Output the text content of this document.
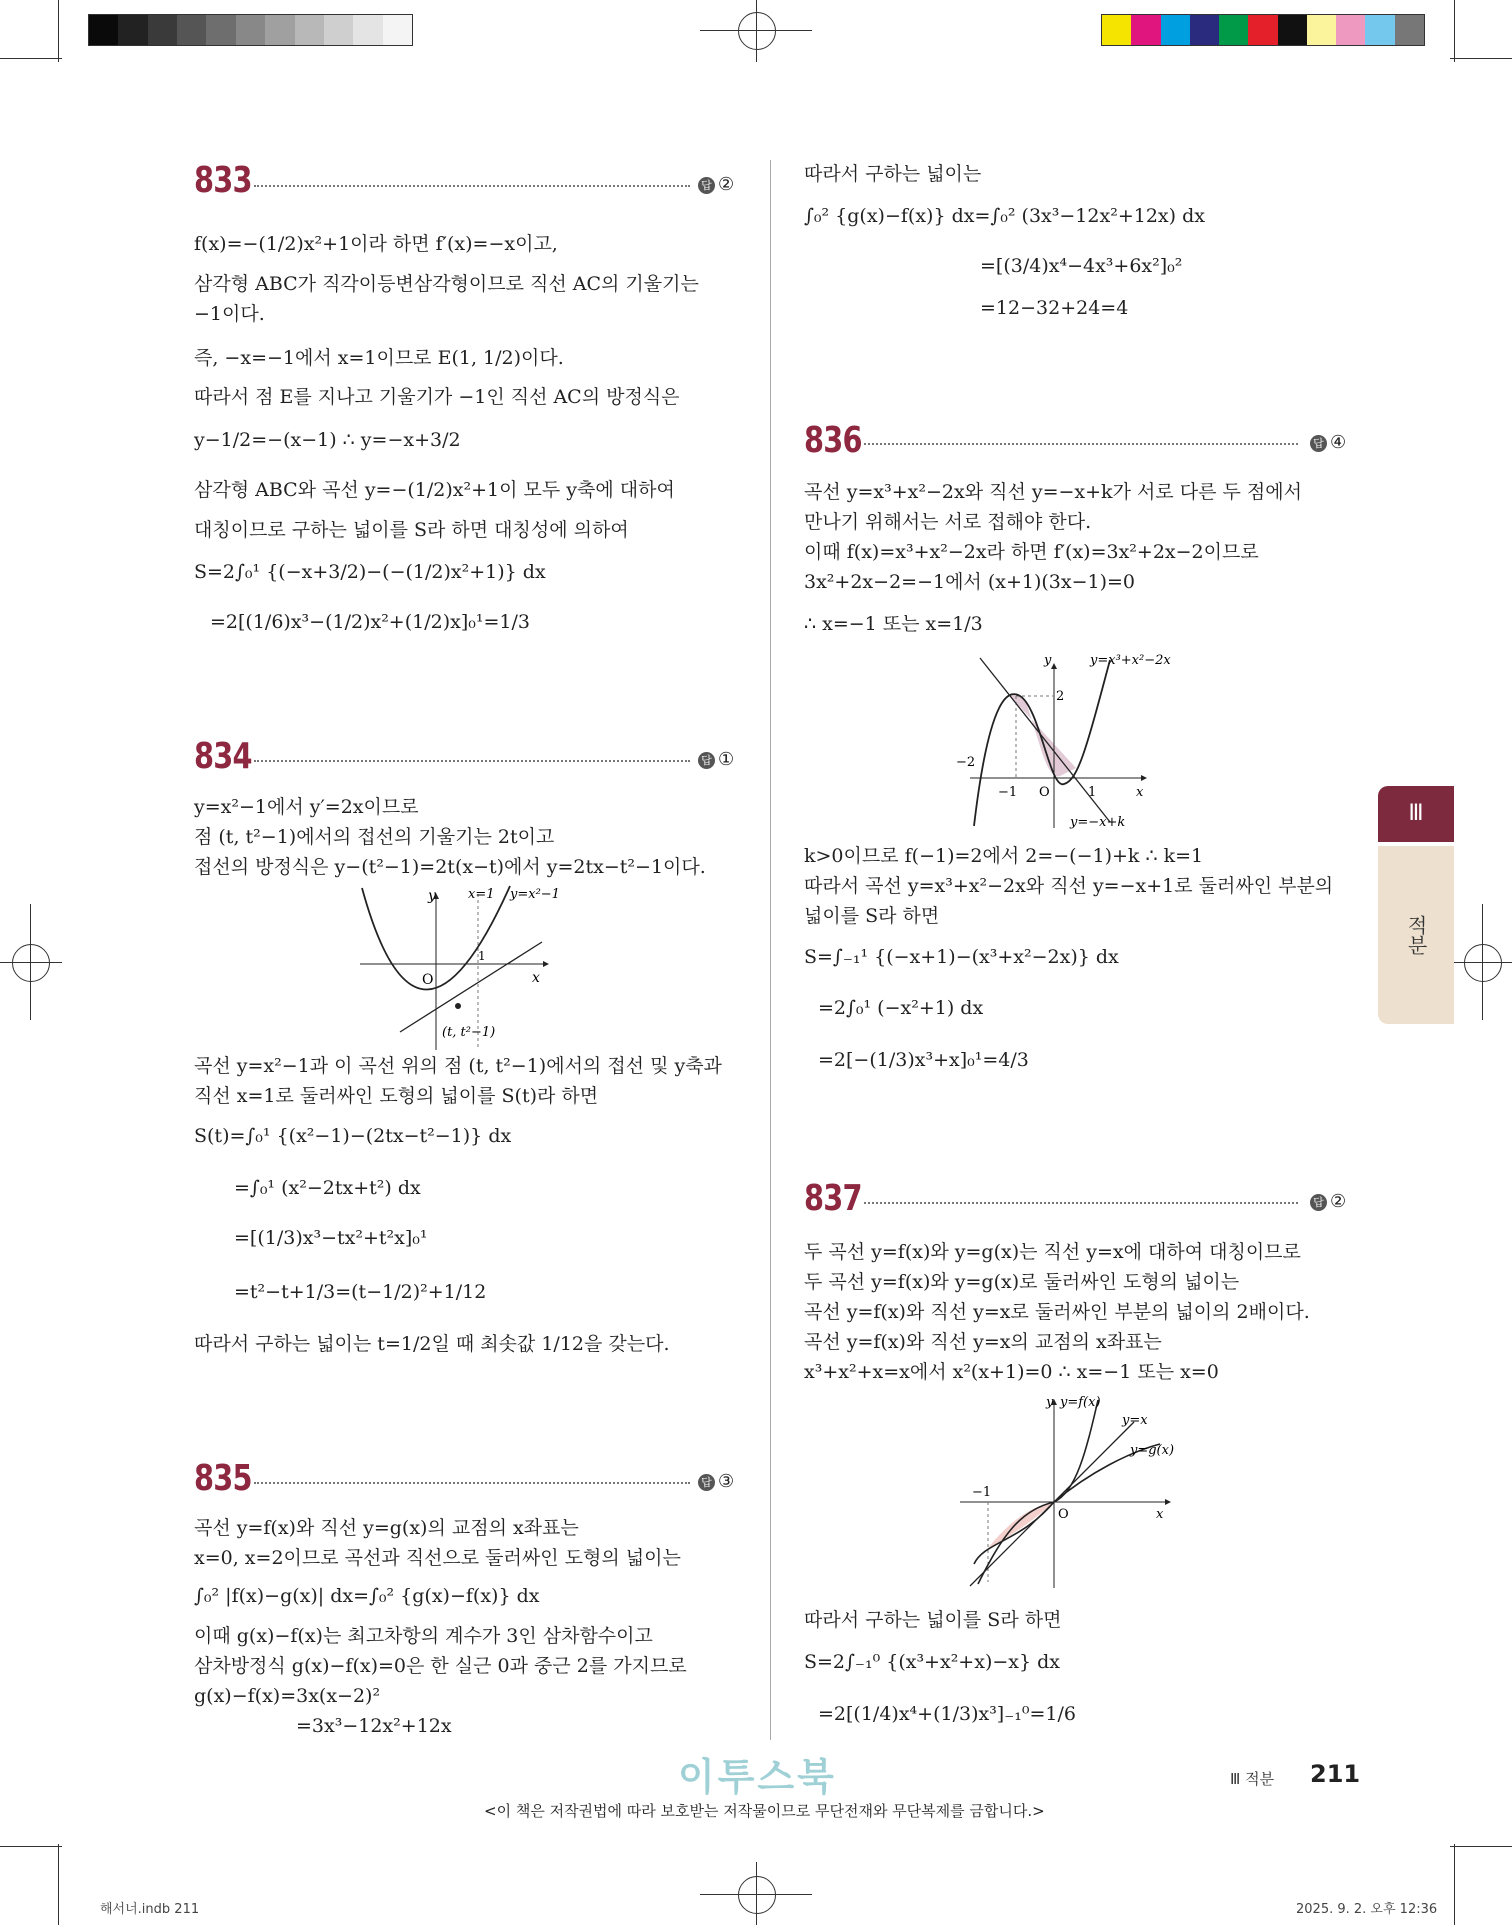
833	답 ②
f(x)=−(1/2)x²+1이라 하면 f′(x)=−x이고,
삼각형 ABC가 직각이등변삼각형이므로 직선 AC의 기울기는
−1이다.
즉, −x=−1에서 x=1이므로 E(1, 1/2)이다.
따라서 점 E를 지나고 기울기가 −1인 직선 AC의 방정식은
y−1/2=−(x−1) ∴ y=−x+3/2
삼각형 ABC와 곡선 y=−(1/2)x²+1이 모두 y축에 대하여
대칭이므로 구하는 넓이를 S라 하면 대칭성에 의하여
S=2∫₀¹ {(−x+3/2)−(−(1/2)x²+1)} dx
=2[(1/6)x³−(1/2)x²+(1/2)x]₀¹=1/3
834	답 ①
y=x²−1에서 y′=2x이므로
점 (t, t²−1)에서의 접선의 기울기는 2t이고
접선의 방정식은 y−(t²−1)=2t(x−t)에서 y=2tx−t²−1이다.
y
x
O
1
x=1 y=x²−1
(t, t²−1)
곡선 y=x²−1과 이 곡선 위의 점 (t, t²−1)에서의 접선 및 y축과
직선 x=1로 둘러싸인 도형의 넓이를 S(t)라 하면
S(t)=∫₀¹ {(x²−1)−(2tx−t²−1)} dx
=∫₀¹ (x²−2tx+t²) dx
=[(1/3)x³−tx²+t²x]₀¹
=t²−t+1/3=(t−1/2)²+1/12
따라서 구하는 넓이는 t=1/2일 때 최솟값 1/12을 갖는다.
835	답 ③
곡선 y=f(x)와 직선 y=g(x)의 교점의 x좌표는
x=0, x=2이므로 곡선과 직선으로 둘러싸인 도형의 넓이는
∫₀² |f(x)−g(x)| dx=∫₀² {g(x)−f(x)} dx
이때 g(x)−f(x)는 최고차항의 계수가 3인 삼차함수이고
삼차방정식 g(x)−f(x)=0은 한 실근 0과 중근 2를 가지므로
g(x)−f(x)=3x(x−2)²
=3x³−12x²+12x
따라서 구하는 넓이는
∫₀² {g(x)−f(x)} dx=∫₀² (3x³−12x²+12x) dx
=[(3/4)x⁴−4x³+6x²]₀²
=12−32+24=4
836	답 ④
곡선 y=x³+x²−2x와 직선 y=−x+k가 서로 다른 두 점에서
만나기 위해서는 서로 접해야 한다.
이때 f(x)=x³+x²−2x라 하면 f′(x)=3x²+2x−2이므로
3x²+2x−2=−1에서 (x+1)(3x−1)=0
∴ x=−1 또는 x=1/3
y
x
O
2
−2
−1	1
y=x³+x²−2x
y=−x+k
k>0이므로 f(−1)=2에서 2=−(−1)+k ∴ k=1
따라서 곡선 y=x³+x²−2x와 직선 y=−x+1로 둘러싸인 부분의
넓이를 S라 하면
S=∫₋₁¹ {(−x+1)−(x³+x²−2x)} dx
=2∫₀¹ (−x²+1) dx
=2[−(1/3)x³+x]₀¹=4/3
837	답 ②
두 곡선 y=f(x)와 y=g(x)는 직선 y=x에 대하여 대칭이므로
두 곡선 y=f(x)와 y=g(x)로 둘러싸인 도형의 넓이는
곡선 y=f(x)와 직선 y=x로 둘러싸인 부분의 넓이의 2배이다.
곡선 y=f(x)와 직선 y=x의 교점의 x좌표는
x³+x²+x=x에서 x²(x+1)=0 ∴ x=−1 또는 x=0
y
x
O
−1
y=f(x)
y=x
y=g(x)
따라서 구하는 넓이를 S라 하면
S=2∫₋₁⁰ {(x³+x²+x)−x} dx
=2[(1/4)x⁴+(1/3)x³]₋₁⁰=1/6
Ⅲ
적분
이투스북	Ⅲ 적분 211
<이 책은 저작권법에 따라 보호받는 저작물이므로 무단전재와 무단복제를 금합니다.>
해서너.indb 211	2025. 9. 2. 오후 12:36
